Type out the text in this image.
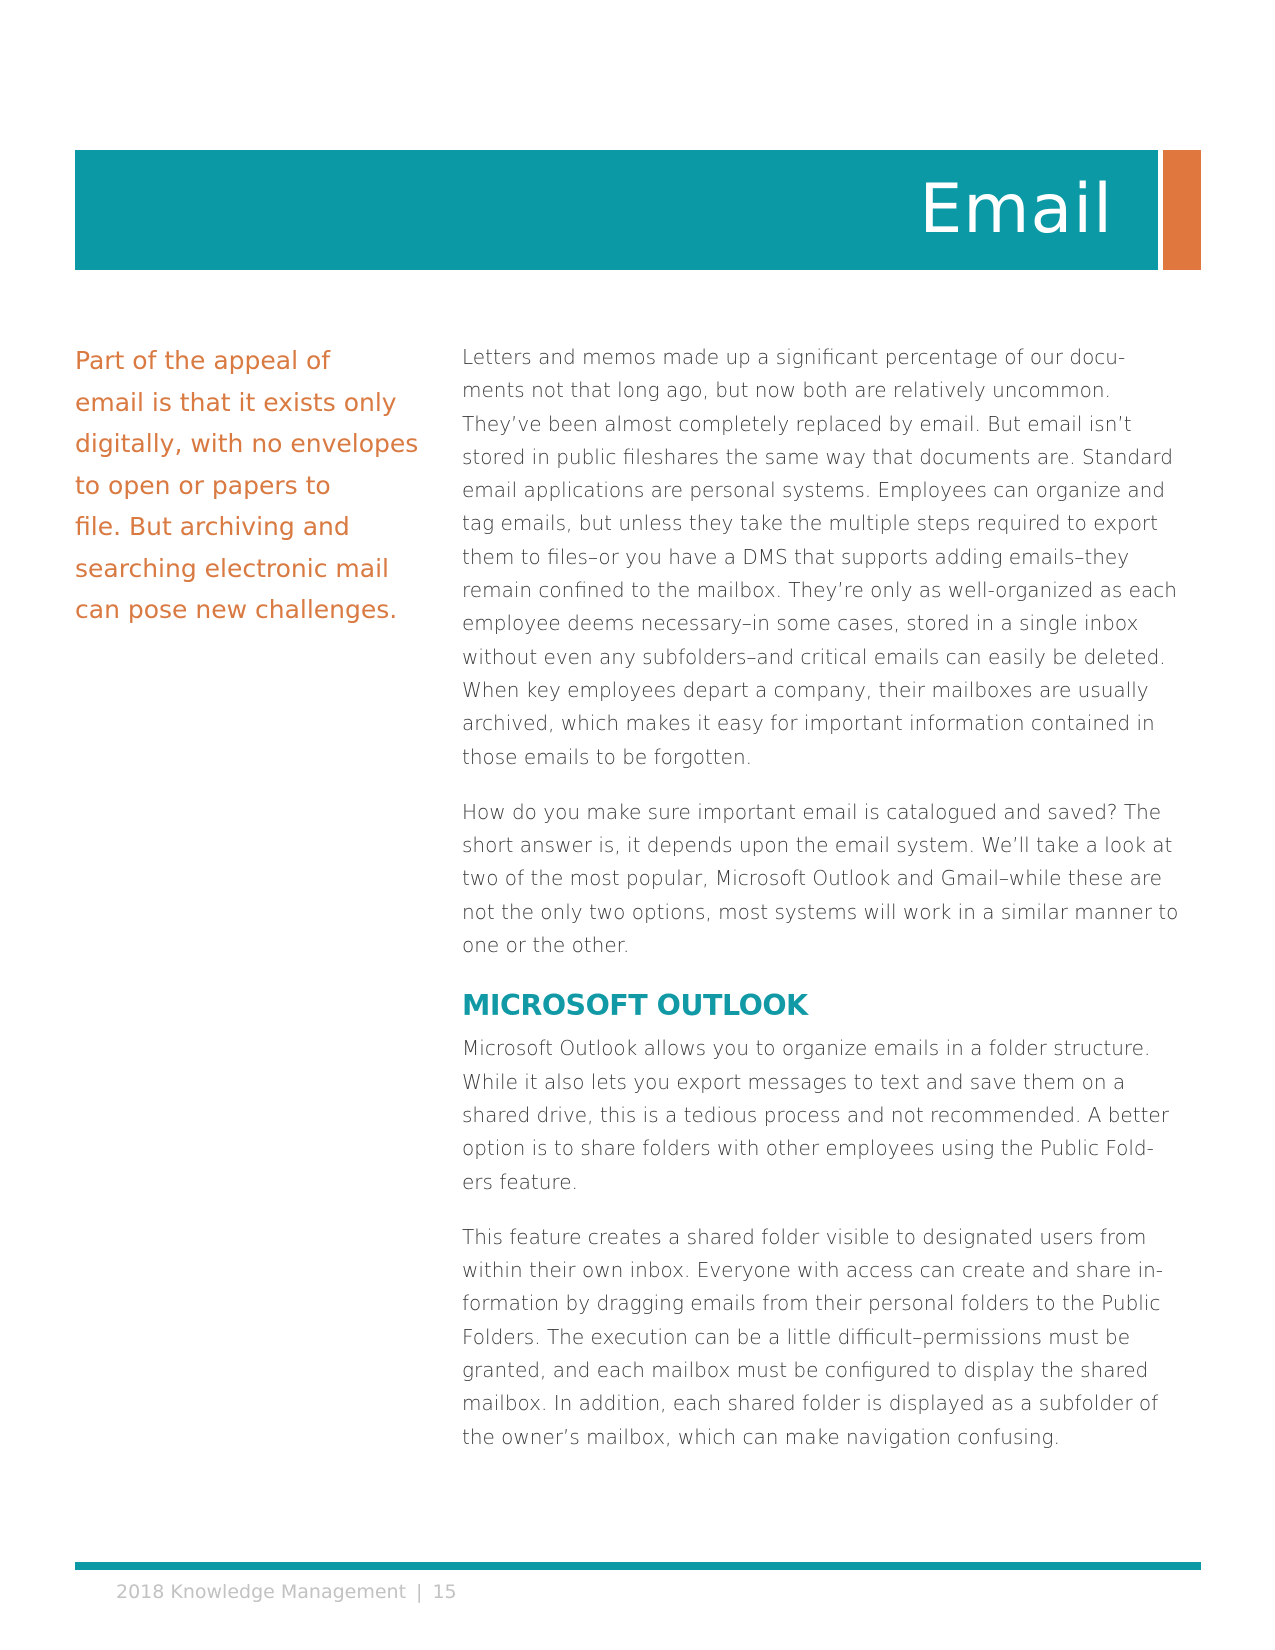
Email
Part of the appeal of
email is that it exists only
digitally, with no envelopes
to open or papers to
file. But archiving and
searching electronic mail
can pose new challenges.
Letters and memos made up a significant percentage of our docu-
ments not that long ago, but now both are relatively uncommon.
They’ve been almost completely replaced by email. But email isn’t
stored in public fileshares the same way that documents are. Standard
email applications are personal systems. Employees can organize and
tag emails, but unless they take the multiple steps required to export
them to files–or you have a DMS that supports adding emails–they
remain confined to the mailbox. They’re only as well-organized as each
employee deems necessary–in some cases, stored in a single inbox
without even any subfolders–and critical emails can easily be deleted.
When key employees depart a company, their mailboxes are usually
archived, which makes it easy for important information contained in
those emails to be forgotten.
How do you make sure important email is catalogued and saved? The
short answer is, it depends upon the email system. We’ll take a look at
two of the most popular, Microsoft Outlook and Gmail–while these are
not the only two options, most systems will work in a similar manner to
one or the other.
MICROSOFT OUTLOOK
Microsoft Outlook allows you to organize emails in a folder structure.
While it also lets you export messages to text and save them on a
shared drive, this is a tedious process and not recommended. A better
option is to share folders with other employees using the Public Fold-
ers feature.
This feature creates a shared folder visible to designated users from
within their own inbox. Everyone with access can create and share in-
formation by dragging emails from their personal folders to the Public
Folders. The execution can be a little difficult–permissions must be
granted, and each mailbox must be configured to display the shared
mailbox. In addition, each shared folder is displayed as a subfolder of
the owner’s mailbox, which can make navigation confusing.
2018 Knowledge Management | 15
